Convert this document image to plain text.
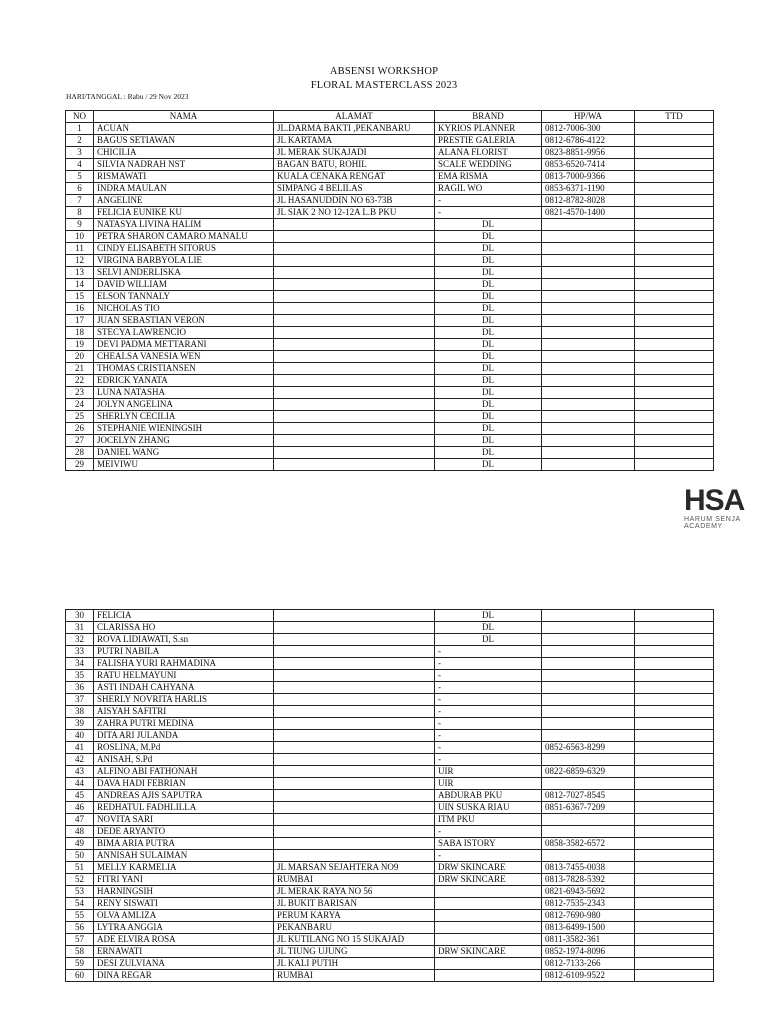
ABSENSI WORKSHOP
FLORAL MASTERCLASS 2023
HARI/TANGGAL : Rabu / 29 Nov 2023
NO	NAMA	ALAMAT	BRAND	HP/WA	TTD
1	ACUAN	JL.DARMA BAKTI ,PEKANBARU	KYRIOS PLANNER	0812-7006-300	
2	BAGUS SETIAWAN	JL KARTAMA	PRESTIE GALERIA	0812-6786-4122	
3	CHICILIA	JL MERAK SUKAJADI	ALANA FLORIST	0823-8851-9956	
4	SILVIA NADRAH NST	BAGAN BATU, ROHIL	SCALE WEDDING	0853-6520-7414	
5	RISMAWATI	KUALA CENAKA RENGAT	EMA RISMA	0813-7000-9366	
6	INDRA MAULAN	SIMPANG 4 BELILAS	RAGIL WO	0853-6371-1190	
7	ANGELINE	JL HASANUDDIN NO 63-73B	-	0812-8782-8028	
8	FELICIA EUNIKE KU	JL SIAK 2 NO 12-12A L.B PKU	-	0821-4570-1400	
9	NATASYA LIVINA HALIM		DL		
10	PETRA SHARON CAMARO MANALU		DL		
11	CINDY ELISABETH SITORUS		DL		
12	VIRGINA BARBYOLA LIE		DL		
13	SELVI ANDERLISKA		DL		
14	DAVID WILLIAM		DL		
15	ELSON TANNALY		DL		
16	NICHOLAS TIO		DL		
17	JUAN SEBASTIAN VERON		DL		
18	STECYA LAWRENCIO		DL		
19	DEVI PADMA METTARANI		DL		
20	CHEALSA VANESIA WEN		DL		
21	THOMAS CRISTIANSEN		DL		
22	EDRICK YANATA		DL		
23	LUNA NATASHA		DL		
24	JOLYN ANGELINA		DL		
25	SHERLYN CECILIA		DL		
26	STEPHANIE WIENINGSIH		DL		
27	JOCELYN ZHANG		DL		
28	DANIEL WANG		DL		
29	MEIVIWU		DL		
HSA
HARUM SENJA
ACADEMY
30	FELICIA		DL		
31	CLARISSA HO		DL		
32	ROVA LIDIAWATI, S.sn		DL		
33	PUTRI NABILA		-		
34	FALISHA YURI RAHMADINA		-		
35	RATU HELMAYUNI		-		
36	ASTI INDAH CAHYANA		-		
37	SHERLY NOVRITA HARLIS		-		
38	AISYAH SAFITRI		-		
39	ZAHRA PUTRI MEDINA		-		
40	DITA ARI JULANDA		-		
41	ROSLINA, M.Pd		-	0852-6563-8299	
42	ANISAH, S.Pd		-		
43	ALFINO ABI FATHONAH		UIR	0822-6859-6329	
44	DAVA HADI FEBRIAN		UIR		
45	ANDREAS AJIS SAPUTRA		ABDURAB PKU	0812-7027-8545	
46	REDHATUL FADHLILLA		UIN SUSKA RIAU	0851-6367-7209	
47	NOVITA SARI		ITM PKU		
48	DEDE ARYANTO		-		
49	BIMA ARIA PUTRA		SABA ISTORY	0858-3582-6572	
50	ANNISAH SULAIMAN		-		
51	MELLY KARMELIA	JL MARSAN SEJAHTERA NO9	DRW SKINCARE	0813-7455-0038	
52	FITRI YANI	RUMBAI	DRW SKINCARE	0813-7828-5392	
53	HARNINGSIH	JL MERAK RAYA NO 56		0821-6943-5692	
54	RENY SISWATI	JL BUKIT BARISAN		0812-7535-2343	
55	OLVA AMLIZA	PERUM KARYA		0812-7690-980	
56	LYTRA ANGGIA	PEKANBARU		0813-6499-1500	
57	ADE ELVIRA ROSA	JL KUTILANG NO 15 SUKAJAD		0811-3582-361	
58	ERNAWATI	JL TIUNG UJUNG	DRW SKINCARE	0852-1974-8096	
59	DESI ZULVIANA	JL KALI PUTIH		0812-7133-266	
60	DINA REGAR	RUMBAI		0812-6109-9522	
